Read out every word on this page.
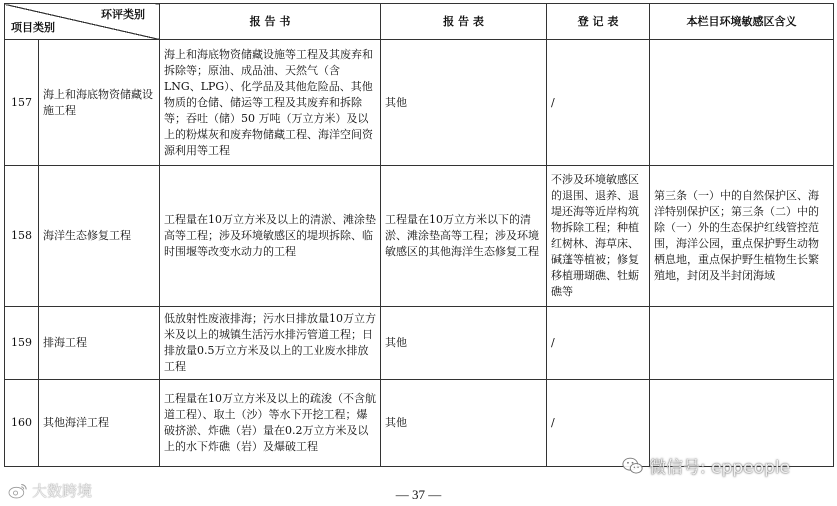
环评类别
项目类别		报 告 书	报 告 表	登 记 表	本栏目环境敏感区含义
157	海上和海底物资储藏设施工程	海上和海底物资储藏设施等工程及其废弃和拆除等；原油、成品油、天然气（含LNG、LPG）、化学品及其他危险品、其他物质的仓储、储运等工程及其废弃和拆除等；吞吐（储）50 万吨（万立方米）及以上的粉煤灰和废弃物储藏工程、海洋空间资源利用等工程	其他	/	
158	海洋生态修复工程	工程量在10万立方米及以上的清淤、滩涂垫高等工程；涉及环境敏感区的堤坝拆除、临时围堰等改变水动力的工程	工程量在10万立方米以下的清淤、滩涂垫高等工程；涉及环境敏感区的其他海洋生态修复工程	不涉及环境敏感区的退围、退养、退堤还海等近岸构筑物拆除工程；种植红树林、海草床、碱蓬等植被；修复移植珊瑚礁、牡蛎礁等	第三条（一）中的自然保护区、海洋特别保护区；第三条（二）中的除（一）外的生态保护红线管控范围，海洋公园，重点保护野生动物栖息地，重点保护野生植物生长繁殖地，封闭及半封闭海域
159	排海工程	低放射性废液排海；污水日排放量10万立方米及以上的城镇生活污水排污管道工程；日排放量0.5万立方米及以上的工业废水排放工程	其他	/	
160	其他海洋工程	工程量在10万立方米及以上的疏浚（不含航道工程）、取土（沙）等水下开挖工程；爆破挤淤、炸礁（岩）量在0.2万立方米及以上的水下炸礁（岩）及爆破工程	其他	/	
微信号: eppeople
大数跨境	— 37 —
